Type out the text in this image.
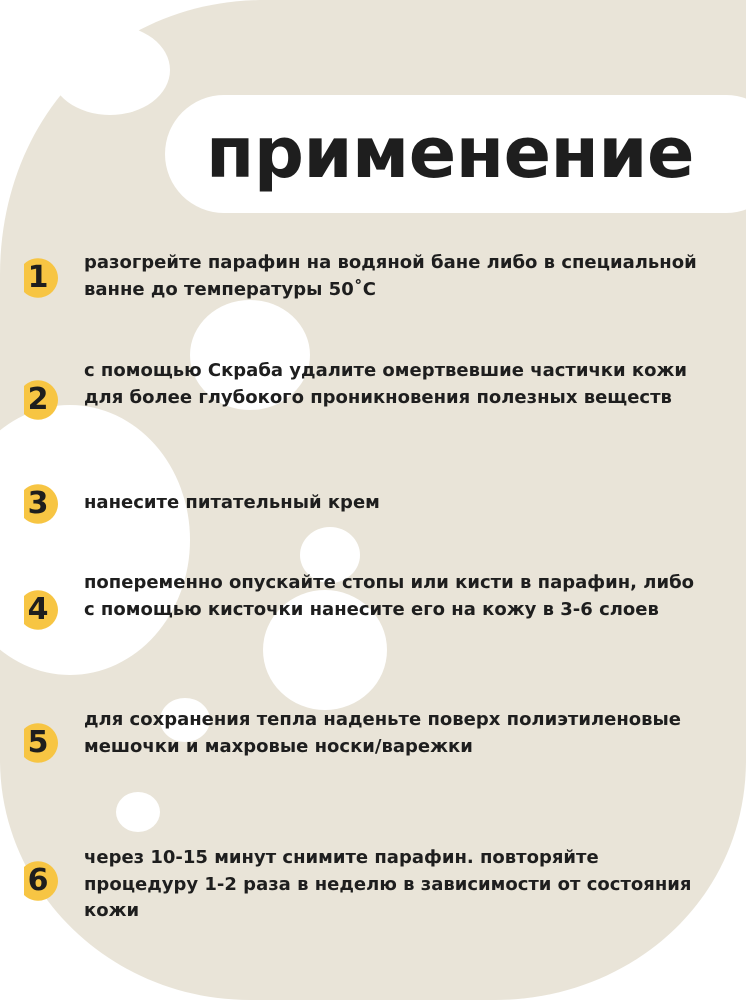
применение
1	разогрейте парафин на водяной бане либо в специальной ванне до температуры 50˚С

2

с помощью Скраба удалите омертвевшие частички кожи для более глубокого проникновения полезных веществ

3	нанесите питательный крем

4

попеременно опускайте стопы или кисти в парафин, либо с помощью кисточки нанесите его на кожу в 3-6 слоев

5

для сохранения тепла наденьте поверх полиэтиленовые мешочки и махровые носки/варежки

6

через 10-15 минут снимите парафин. повторяйте процедуру 1-2 раза в неделю в зависимости от состояния кожи
